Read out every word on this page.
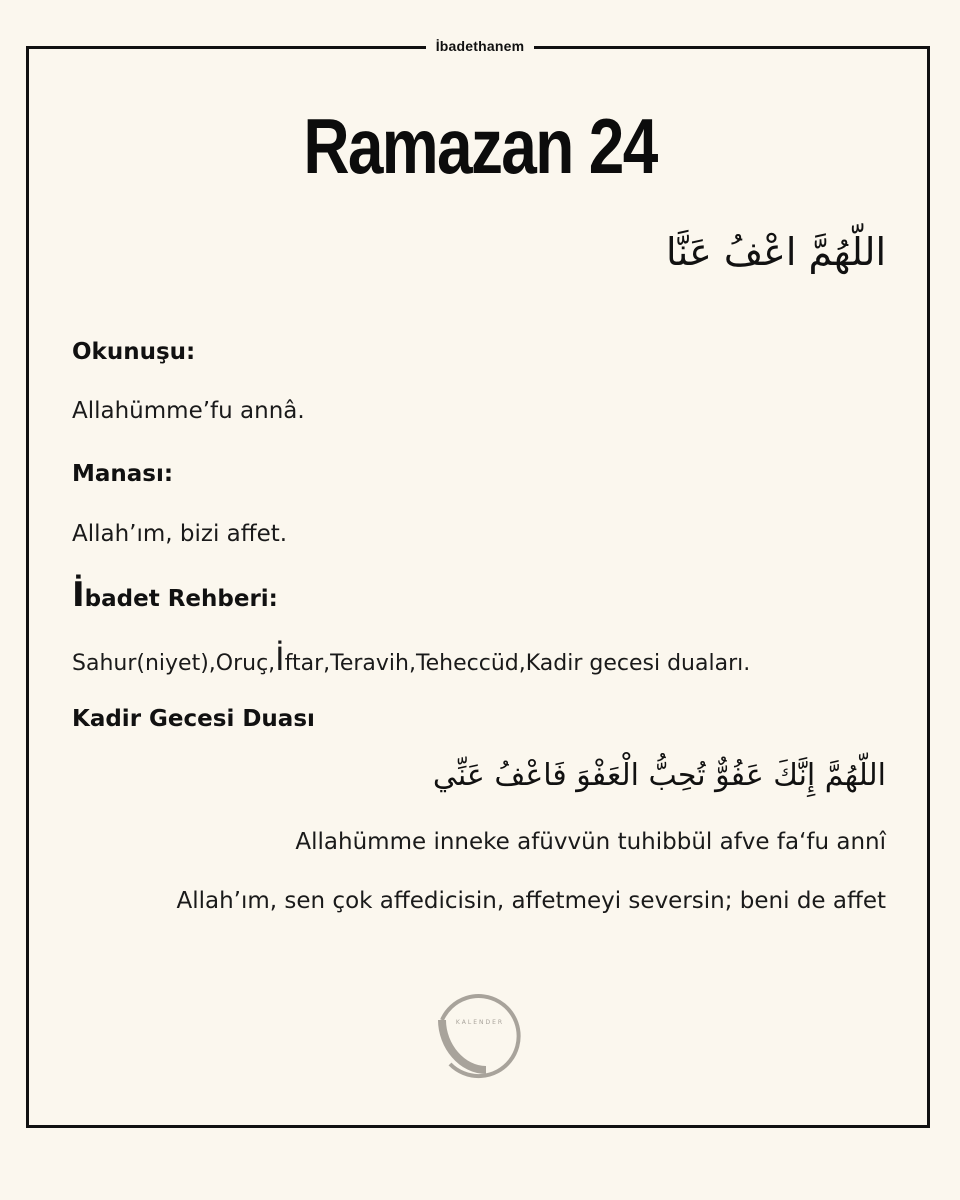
İbadethanem
Ramazan 24
اللّهُمَّ اعْفُ عَنَّا
Okunuşu:
Allahümme’fu annâ.
Manası:
Allah’ım, bizi affet.
İbadet Rehberi:
Sahur(niyet),Oruç,İftar,Teravih,Teheccüd,Kadir gecesi duaları.
Kadir Gecesi Duası
اللّهُمَّ إِنَّكَ عَفُوٌّ تُحِبُّ الْعَفْوَ فَاعْفُ عَنِّي
Allahümme inneke afüvvün tuhibbül afve fa‘fu annî
Allah’ım, sen çok affedicisin, affetmeyi seversin; beni de affet
KALENDER
